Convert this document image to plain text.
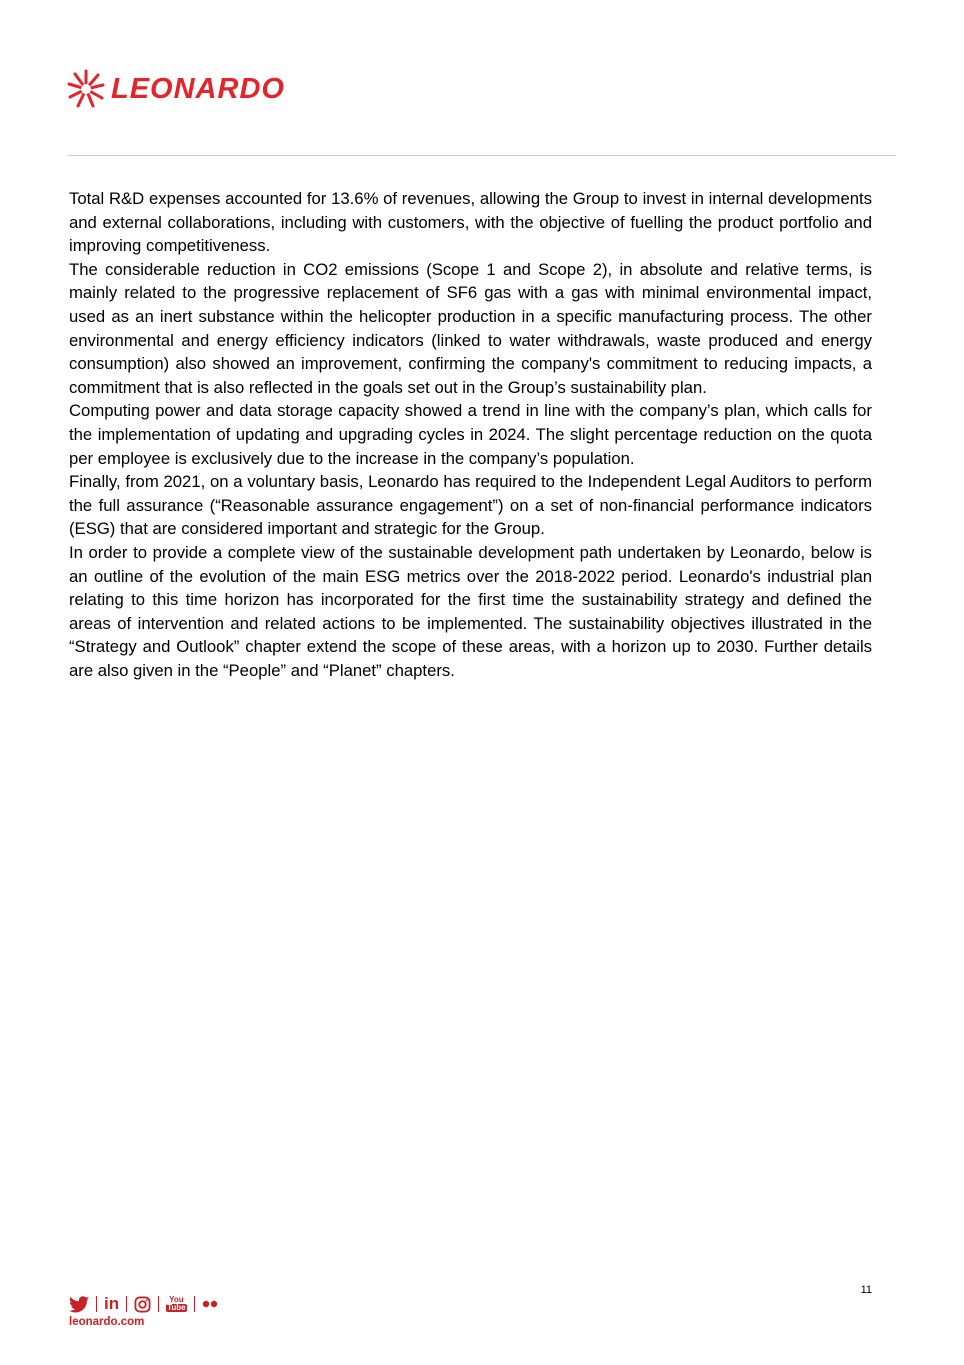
LEONARDO

Total R&D expenses accounted for 13.6% of revenues, allowing the Group to invest in internal developments and external collaborations, including with customers, with the objective of fuelling the product portfolio and improving competitiveness.

The considerable reduction in CO2 emissions (Scope 1 and Scope 2), in absolute and relative terms, is mainly related to the progressive replacement of SF6 gas with a gas with minimal environmental impact, used as an inert substance within the helicopter production in a specific manufacturing process. The other environmental and energy efficiency indicators (linked to water withdrawals, waste produced and energy consumption) also showed an improvement, confirming the company's commitment to reducing impacts, a commitment that is also reflected in the goals set out in the Group’s sustainability plan.

Computing power and data storage capacity showed a trend in line with the company’s plan, which calls for the implementation of updating and upgrading cycles in 2024. The slight percentage reduction on the quota per employee is exclusively due to the increase in the company’s population.

Finally, from 2021, on a voluntary basis, Leonardo has required to the Independent Legal Auditors to perform the full assurance (“Reasonable assurance engagement”) on a set of non-financial performance indicators (ESG) that are considered important and strategic for the Group.

In order to provide a complete view of the sustainable development path undertaken by Leonardo, below is an outline of the evolution of the main ESG metrics over the 2018-2022 period. Leonardo's industrial plan relating to this time horizon has incorporated for the first time the sustainability strategy and defined the areas of intervention and related actions to be implemented. The sustainability objectives illustrated in the “Strategy and Outlook” chapter extend the scope of these areas, with a horizon up to 2030. Further details are also given in the “People” and “Planet” chapters.

11
in	You
Tube
leonardo.com
